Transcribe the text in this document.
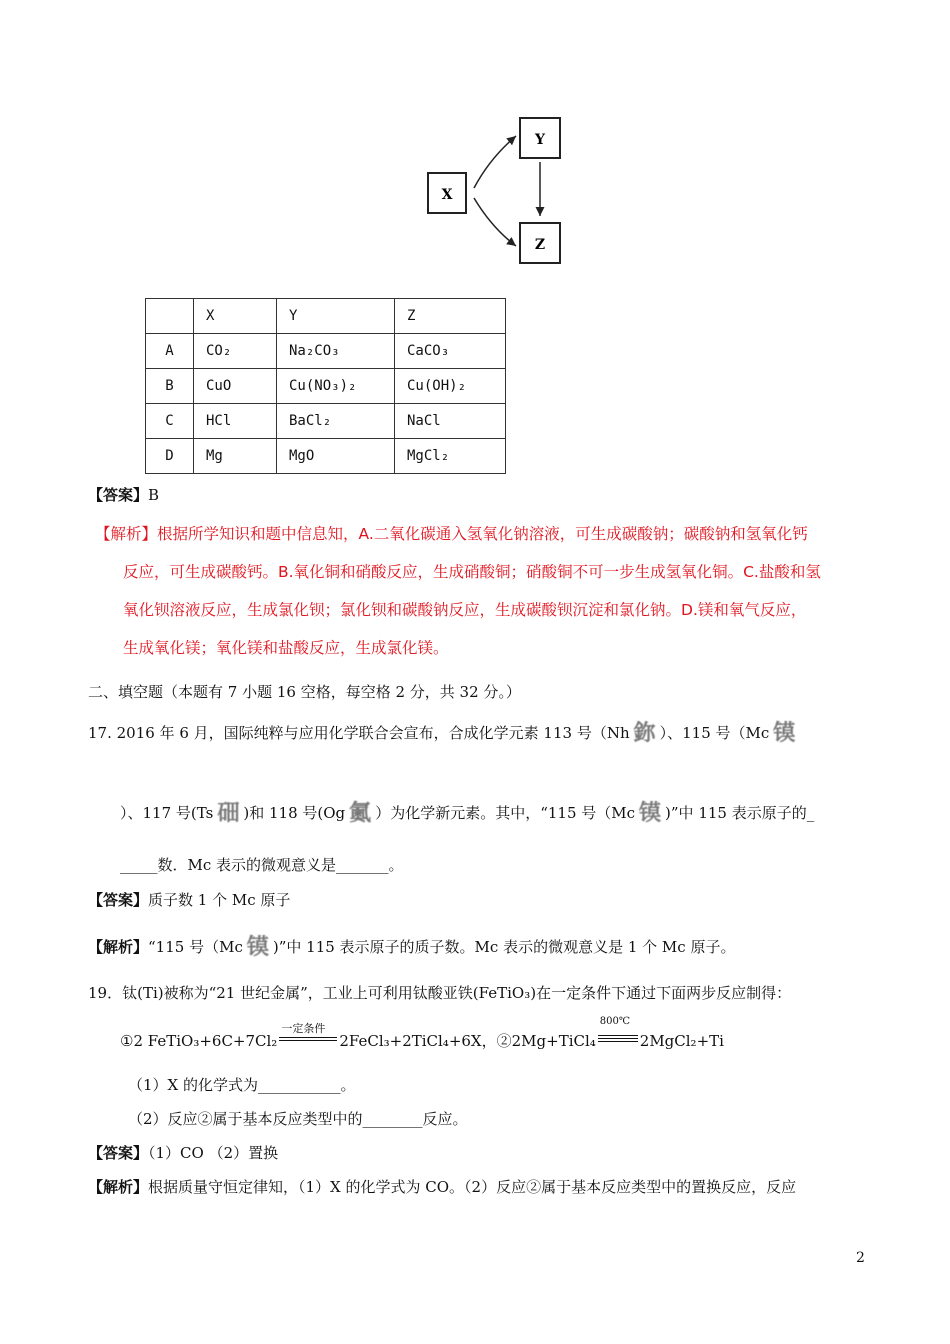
X
Y
Z
	X	Y	Z
A	CO₂	Na₂CO₃	CaCO₃
B	CuO	Cu(NO₃)₂	Cu(OH)₂
C	HCl	BaCl₂	NaCl
D	Mg	MgO	MgCl₂
【答案】B
【解析】根据所学知识和题中信息知，A.二氧化碳通入氢氧化钠溶液，可生成碳酸钠；碳酸钠和氢氧化钙
反应，可生成碳酸钙。B.氧化铜和硝酸反应，生成硝酸铜；硝酸铜不可一步生成氢氧化铜。C.盐酸和氢
氧化钡溶液反应，生成氯化钡；氯化钡和碳酸钠反应，生成碳酸钡沉淀和氯化钠。D.镁和氧气反应，
生成氧化镁；氧化镁和盐酸反应，生成氯化镁。
二、填空题（本题有 7 小题 16 空格，每空格 2 分，共 32 分。）
17. 2016 年 6 月，国际纯粹与应用化学联合会宣布，合成化学元素 113 号（Nh 鉨 ）、115 号（Mc 镆
）、117 号(Ts 鿬 )和 118 号(Og 鿫 ）为化学新元素。其中，“115 号（Mc 镆 )”中 115 表示原子的_
_____数．Mc 表示的微观意义是_______。
【答案】质子数 1 个 Mc 原子
【解析】“115 号（Mc 镆 )”中 115 表示原子的质子数。Mc 表示的微观意义是 1 个 Mc 原子。
19．钛(Ti)被称为“21 世纪金属”，工业上可利用钛酸亚铁(FeTiO₃)在一定条件下通过下面两步反应制得：
①2 FeTiO₃+6C+7Cl₂
一定条件
2FeCl₃+2TiCl₄+6X，②2Mg+TiCl₄
800℃
2MgCl₂+Ti
（1）X 的化学式为___________。
（2）反应②属于基本反应类型中的________反应。
【答案】（1）CO （2）置换
【解析】根据质量守恒定律知，（1）X 的化学式为 CO。（2）反应②属于基本反应类型中的置换反应，反应
2
